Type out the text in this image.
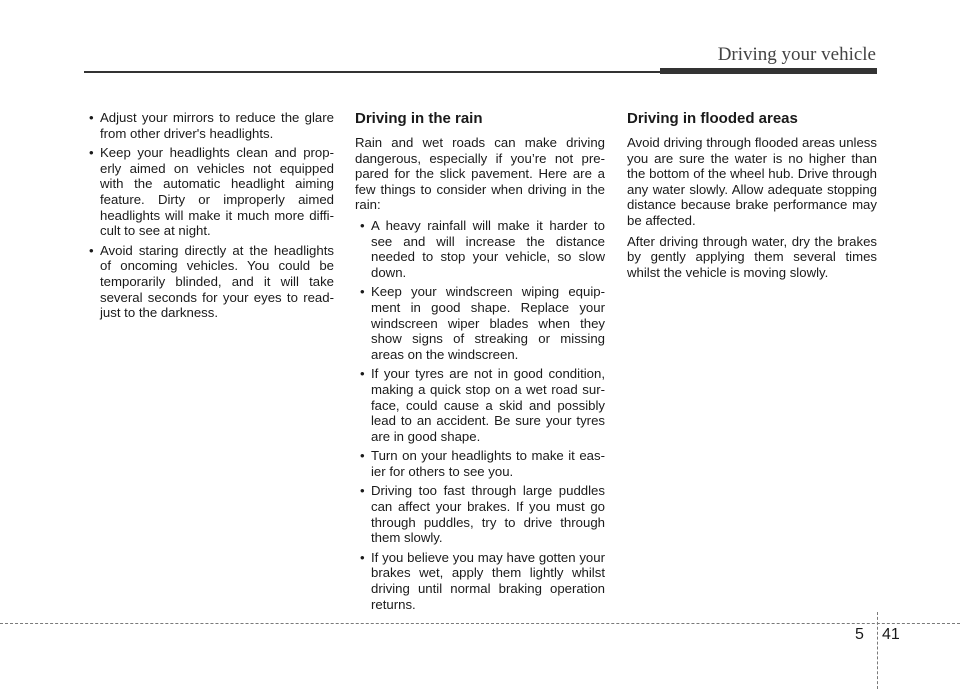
Driving your vehicle
• Adjust your mirrors to reduce the glare from other driver's headlights.
• Keep your headlights clean and properly aimed on vehicles not equipped with the automatic headlight aiming feature. Dirty or improperly aimed headlights will make it much more difficult to see at night.
• Avoid staring directly at the headlights of oncoming vehicles. You could be temporarily blinded, and it will take several seconds for your eyes to readjust to the darkness.
Driving in the rain

Rain and wet roads can make driving dangerous, especially if you’re not prepared for the slick pavement. Here are a few things to consider when driving in the rain:

• A heavy rainfall will make it harder to see and will increase the distance needed to stop your vehicle, so slow down.
• Keep your windscreen wiping equipment in good shape. Replace your windscreen wiper blades when they show signs of streaking or missing areas on the windscreen.
• If your tyres are not in good condition, making a quick stop on a wet road surface, could cause a skid and possibly lead to an accident. Be sure your tyres are in good shape.
• Turn on your headlights to make it easier for others to see you.
• Driving too fast through large puddles can affect your brakes. If you must go through puddles, try to drive through them slowly.
• If you believe you may have gotten your brakes wet, apply them lightly whilst driving until normal braking operation returns.
Driving in flooded areas

Avoid driving through flooded areas unless you are sure the water is no higher than the bottom of the wheel hub. Drive through any water slowly. Allow adequate stopping distance because brake performance may be affected.

After driving through water, dry the brakes by gently applying them several times whilst the vehicle is moving slowly.

5 41
